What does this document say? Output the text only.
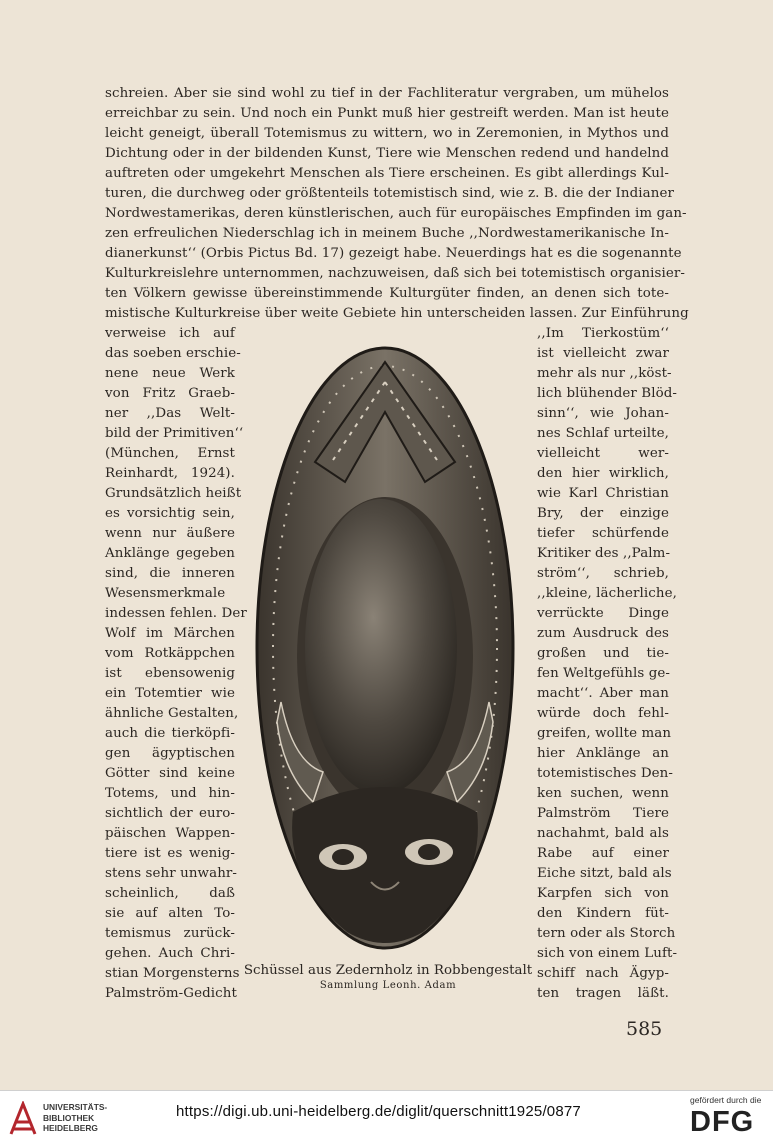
schreien. Aber sie sind wohl zu tief in der Fachliteratur vergraben, um mühelos
erreichbar zu sein. Und noch ein Punkt muß hier gestreift werden. Man ist heute
leicht geneigt, überall Totemismus zu wittern, wo in Zeremonien, in Mythos und
Dichtung oder in der bildenden Kunst, Tiere wie Menschen redend und handelnd
auftreten oder umgekehrt Menschen als Tiere erscheinen. Es gibt allerdings Kul-
turen, die durchweg oder größtenteils totemistisch sind, wie z. B. die der Indianer
Nordwestamerikas, deren künstlerischen, auch für europäisches Empfinden im gan-
zen erfreulichen Niederschlag ich in meinem Buche ,,Nordwestamerikanische In-
dianerkunst‘‘ (Orbis Pictus Bd. 17) gezeigt habe. Neuerdings hat es die sogenannte
Kulturkreislehre unternommen, nachzuweisen, daß sich bei totemistisch organisier-
ten Völkern gewisse übereinstimmende Kulturgüter finden, an denen sich tote-
mistische Kulturkreise über weite Gebiete hin unterscheiden lassen. Zur Einführung
verweise ich auf
das soeben erschie-
nene neue Werk
von Fritz Graeb-
ner ,,Das Welt-
bild der Primitiven‘‘
(München, Ernst
Reinhardt, 1924).
Grundsätzlich heißt
es vorsichtig sein,
wenn nur äußere
Anklänge gegeben
sind, die inneren
Wesensmerkmale
indessen fehlen. Der
Wolf im Märchen
vom Rotkäppchen
ist ebensowenig
ein Totemtier wie
ähnliche Gestalten,
auch die tierköpfi-
gen ägyptischen
Götter sind keine
Totems, und hin-
sichtlich der euro-
päischen Wappen-
tiere ist es wenig-
stens sehr unwahr-
scheinlich, daß
sie auf alten To-
temismus zurück-
gehen. Auch Chri-
stian Morgensterns
Palmström-Gedicht
,,Im Tierkostüm‘‘
ist vielleicht zwar
mehr als nur ,,köst-
lich blühender Blöd-
sinn‘‘, wie Johan-
nes Schlaf urteilte,
vielleicht wer-
den hier wirklich,
wie Karl Christian
Bry, der einzige
tiefer schürfende
Kritiker des ,,Palm-
ström‘‘, schrieb,
,,kleine, lächerliche,
verrückte Dinge
zum Ausdruck des
großen und tie-
fen Weltgefühls ge-
macht‘‘. Aber man
würde doch fehl-
greifen, wollte man
hier Anklänge an
totemistisches Den-
ken suchen, wenn
Palmström Tiere
nachahmt, bald als
Rabe auf einer
Eiche sitzt, bald als
Karpfen sich von
den Kindern füt-
tern oder als Storch
sich von einem Luft-
schiff nach Ägyp-
ten tragen läßt.
Schüssel aus Zedernholz in Robbengestalt
Sammlung Leonh. Adam
585
UNIVERSITÄTS-
BIBLIOTHEK
HEIDELBERG
https://digi.ub.uni-heidelberg.de/diglit/querschnitt1925/0877
gefördert durch die
DFG
